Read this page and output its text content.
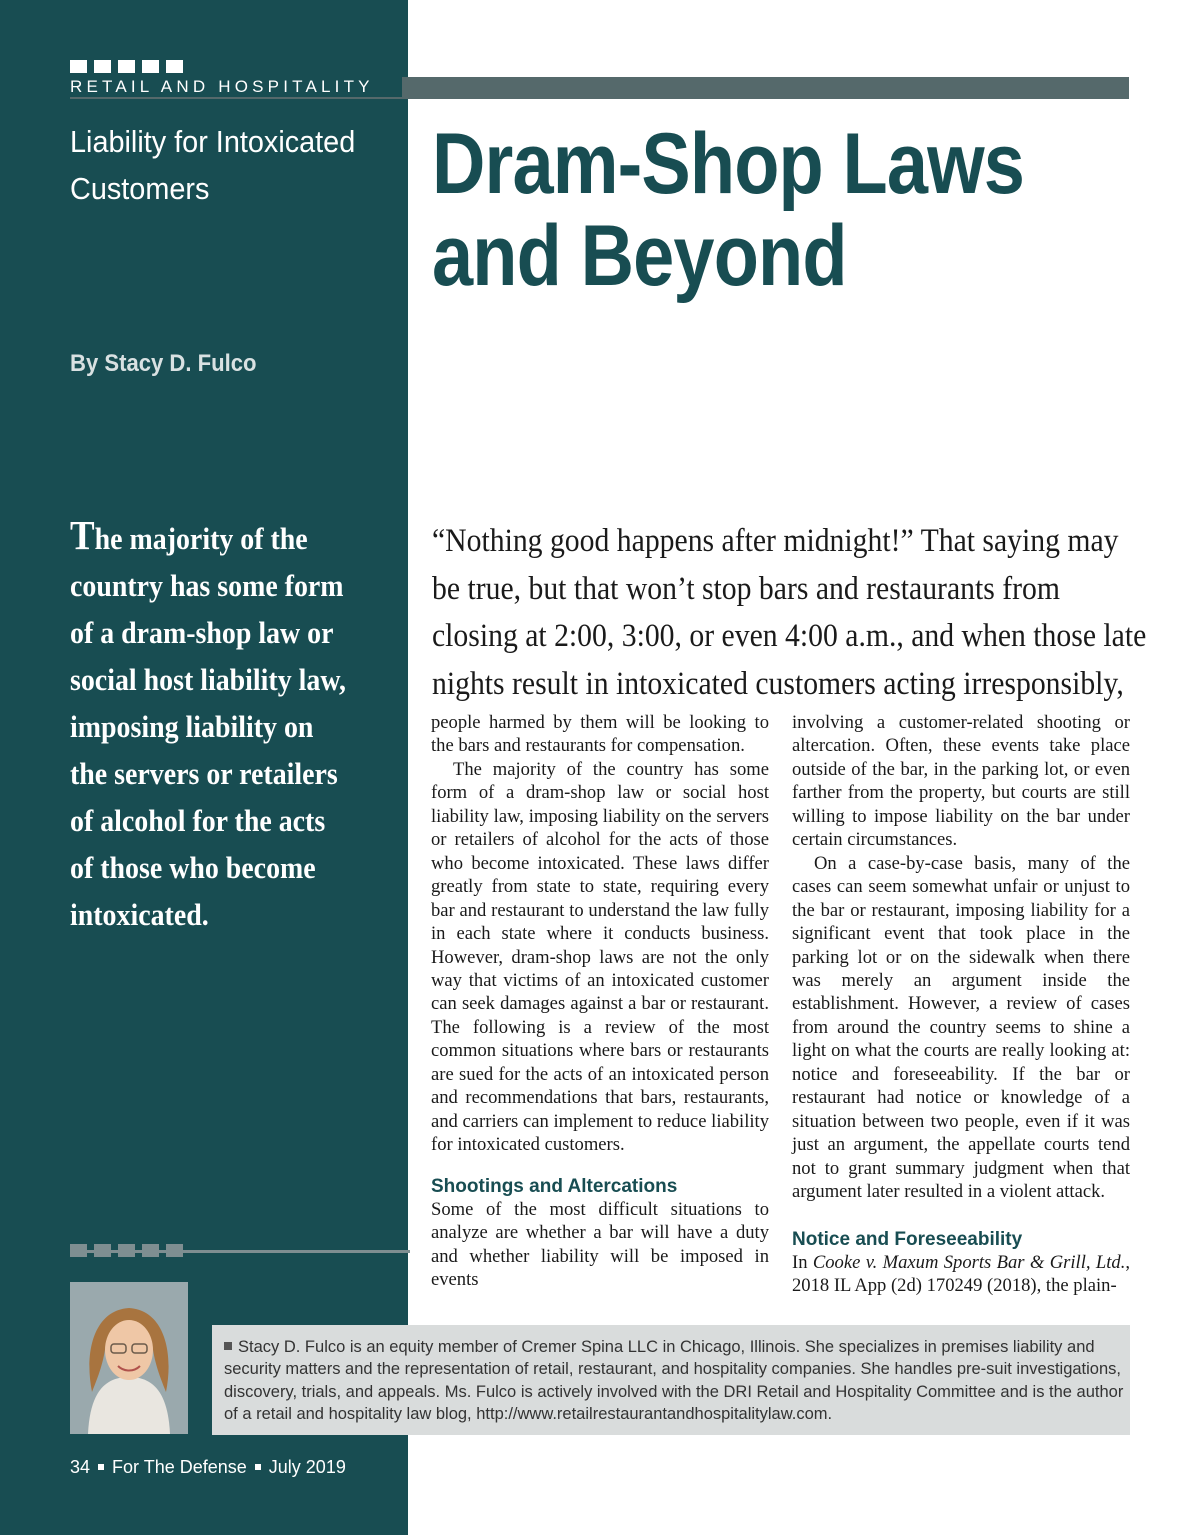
RETAIL AND HOSPITALITY
Liability for Intoxicated Customers	Dram-Shop Laws
and Beyond
By Stacy D. Fulco
The majority of the country has some form of a dram-shop law or social host liability law, imposing liability on the servers or retailers of alcohol for the acts of those who become intoxicated.
“Nothing good happens after midnight!” That saying may
be true, but that won’t stop bars and restaurants from
closing at 2:00, 3:00, or even 4:00 a.m., and when those late
nights result in intoxicated customers acting irresponsibly,

people harmed by them will be looking to the bars and restaurants for compensation.

The majority of the country has some form of a dram-shop law or social host liability law, imposing liability on the servers or retailers of alcohol for the acts of those who become intoxicated. These laws differ greatly from state to state, requiring every bar and restaurant to understand the law fully in each state where it conducts business. However, dram-shop laws are not the only way that victims of an intoxicated customer can seek damages against a bar or restaurant. The following is a review of the most common situations where bars or restaurants are sued for the acts of an intoxicated person and recommendations that bars, restaurants, and carriers can implement to reduce liability for intoxicated customers.

Shootings and Altercations

Some of the most difficult situations to analyze are whether a bar will have a duty and whether liability will be imposed in events

involving a customer-related shooting or altercation. Often, these events take place outside of the bar, in the parking lot, or even farther from the property, but courts are still willing to impose liability on the bar under certain circumstances.

On a case-by-case basis, many of the cases can seem somewhat unfair or unjust to the bar or restaurant, imposing liability for a significant event that took place in the parking lot or on the sidewalk when there was merely an argument inside the establishment. However, a review of cases from around the country seems to shine a light on what the courts are really looking at: notice and foreseeability. If the bar or restaurant had notice or knowledge of a situation between two people, even if it was just an argument, the appellate courts tend not to grant summary judgment when that argument later resulted in a violent attack.

Notice and Foreseeability

In Cooke v. Maxum Sports Bar & Grill, Ltd., 2018 IL App (2d) 170249 (2018), the plain-

Stacy D. Fulco is an equity member of Cremer Spina LLC in Chicago, Illinois. She specializes in premises liability and security matters and the representation of retail, restaurant, and hospitality companies. She handles pre-suit investigations, discovery, trials, and appeals. Ms. Fulco is actively involved with the DRI Retail and Hospitality Committee and is the author of a retail and hospitality law blog, http://www.retailrestaurantandhospitalitylaw.com.
34 For The Defense July 2019
